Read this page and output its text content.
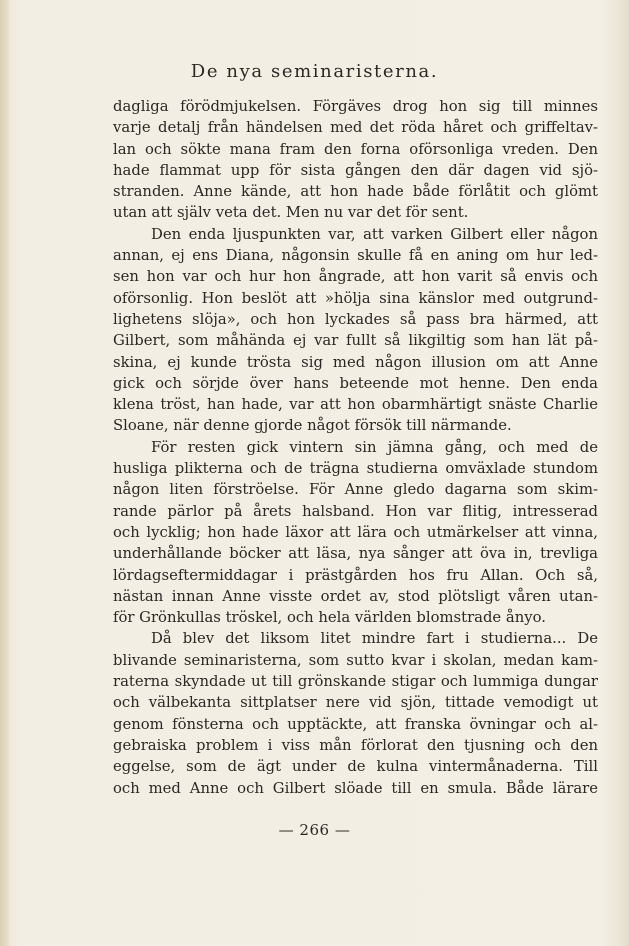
De nya seminaristerna.
dagliga förödmjukelsen. Förgäves drog hon sig till minnes
varje detalj från händelsen med det röda håret och griffeltav-
lan och sökte mana fram den forna oförsonliga vreden. Den
hade flammat upp för sista gången den där dagen vid sjö-
stranden. Anne kände, att hon hade både förlåtit och glömt
utan att själv veta det. Men nu var det för sent.
Den enda ljuspunkten var, att varken Gilbert eller någon
annan, ej ens Diana, någonsin skulle få en aning om hur led-
sen hon var och hur hon ångrade, att hon varit så envis och
oförsonlig. Hon beslöt att »hölja sina känslor med outgrund-
lighetens slöja», och hon lyckades så pass bra härmed, att
Gilbert, som måhända ej var fullt så likgiltig som han lät på-
skina, ej kunde trösta sig med någon illusion om att Anne
gick och sörjde över hans beteende mot henne. Den enda
klena tröst, han hade, var att hon obarmhärtigt snäste Charlie
Sloane, när denne gjorde något försök till närmande.
För resten gick vintern sin jämna gång, och med de
husliga plikterna och de trägna studierna omväxlade stundom
någon liten förströelse. För Anne gledo dagarna som skim-
rande pärlor på årets halsband. Hon var flitig, intresserad
och lycklig; hon hade läxor att lära och utmärkelser att vinna,
underhållande böcker att läsa, nya sånger att öva in, trevliga
lördagseftermiddagar i prästgården hos fru Allan. Och så,
nästan innan Anne visste ordet av, stod plötsligt våren utan-
för Grönkullas tröskel, och hela världen blomstrade ånyo.
Då blev det liksom litet mindre fart i studierna... De
blivande seminaristerna, som sutto kvar i skolan, medan kam-
raterna skyndade ut till grönskande stigar och lummiga dungar
och välbekanta sittplatser nere vid sjön, tittade vemodigt ut
genom fönsterna och upptäckte, att franska övningar och al-
gebraiska problem i viss mån förlorat den tjusning och den
eggelse, som de ägt under de kulna vintermånaderna. Till
och med Anne och Gilbert slöade till en smula. Både lärare
— 266 —
